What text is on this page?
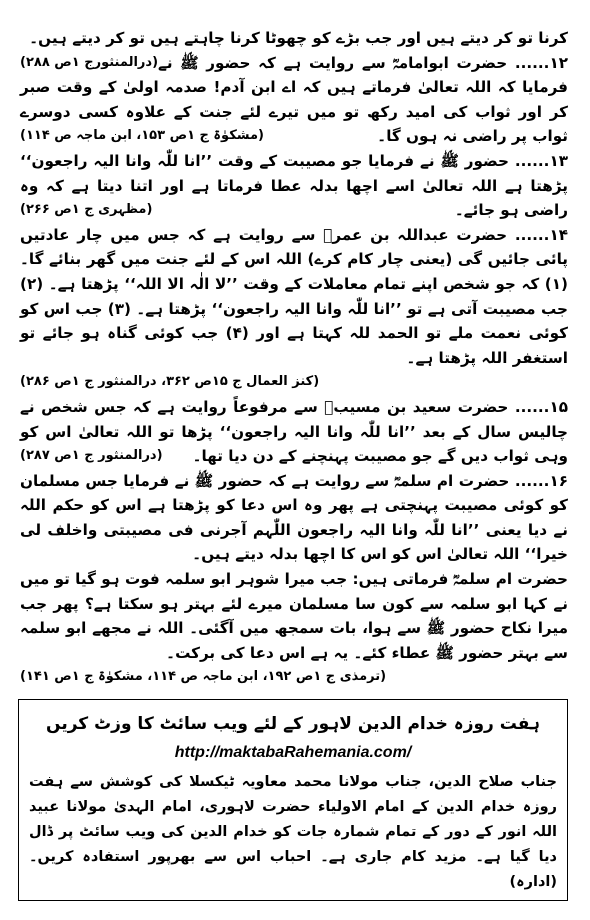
کرنا تو کر دیتے ہیں اور جب بڑے کو چھوٹا کرنا چاہتے ہیں تو کر دیتے ہیں۔
(درالمنثورج ۱ص ۲۸۸) ۱۲...... حضرت ابوامامہؓ سے روایت ہے کہ حضور ﷺ نے فرمایا کہ اللہ تعالیٰ فرماتے ہیں کہ اے ابن آدم! صدمہ اولیٰ کے وقت صبر کر اور ثواب کی امید رکھ تو میں تیرے لئے جنت کے علاوہ کسی دوسرے ثواب پر راضی نہ ہوں گا۔
(مشکوٰۃ ج ۱ص ۱۵۳، ابن ماجہ ص ۱۱۴)

۱۳...... حضور ﷺ نے فرمایا جو مصیبت کے وقت ’’انا للّٰہ وانا الیہ راجعون‘‘ پڑھتا ہے اللہ تعالیٰ اسے اچھا بدلہ عطا فرماتا ہے اور اتنا دیتا ہے کہ وہ راضی ہو جائے۔
(مظہری ج ۱ص ۲۶۶)

۱۴...... حضرت عبداللہ بن عمرؓ سے روایت ہے کہ جس میں چار عادتیں پائی جائیں گی (یعنی چار کام کرے) اللہ اس کے لئے جنت میں گھر بنائے گا۔ (۱) کہ جو شخص اپنے تمام معاملات کے وقت ’’لا الٰہ الا اللہ‘‘ پڑھتا ہے۔ (۲) جب مصیبت آتی ہے تو ’’انا للّٰہ وانا الیہ راجعون‘‘ پڑھتا ہے۔ (۳) جب اس کو کوئی نعمت ملے تو الحمد للہ کہتا ہے اور (۴) جب کوئی گناہ ہو جائے تو استغفر اللہ پڑھتا ہے۔
(کنز العمال ج ۱۵ص ۳۶۲، درالمنثور ج ۱ص ۲۸۶)

۱۵...... حضرت سعید بن مسیبؓ سے مرفوعاً روایت ہے کہ جس شخص نے چالیس سال کے بعد ’’انا للّٰہ وانا الیہ راجعون‘‘ پڑھا تو اللہ تعالیٰ اس کو وہی ثواب دیں گے جو مصیبت پہنچنے کے دن دیا تھا۔
(درالمنثور ج ۱ص ۲۸۷)

۱۶...... حضرت ام سلمہؓ سے روایت ہے کہ حضور ﷺ نے فرمایا جس مسلمان کو کوئی مصیبت پہنچتی ہے پھر وہ اس دعا کو پڑھتا ہے اس کو حکم اللہ نے دیا یعنی ’’انا للّٰہ وانا الیہ راجعون اللّٰہم آجرنی فی مصیبتی واخلف لی خیرا‘‘ اللہ تعالیٰ اس کو اس کا اچھا بدلہ دیتے ہیں۔

حضرت ام سلمہؓ فرماتی ہیں: جب میرا شوہر ابو سلمہ فوت ہو گیا تو میں نے کہا ابو سلمہ سے کون سا مسلمان میرے لئے بہتر ہو سکتا ہے؟ پھر جب میرا نکاح حضور ﷺ سے ہوا، بات سمجھ میں آگئی۔ اللہ نے مجھے ابو سلمہ سے بہتر حضور ﷺ عطاء کئے۔ یہ ہے اس دعا کی برکت۔
(ترمذی ج ۱ص ۱۹۲، ابن ماجہ ص ۱۱۴، مشکوٰۃ ج ۱ص ۱۴۱)

ہفت روزہ خدام الدین لاہور کے لئے ویب سائٹ کا وزٹ کریں
http://maktabaRahemania.com/
جناب صلاح الدین، جناب مولانا محمد معاویہ ٹیکسلا کی کوشش سے ہفت روزہ خدام الدین کے امام الاولیاء حضرت لاہوری، امام الہدیٰ مولانا عبید اللہ انور کے دور کے تمام شمارہ جات کو خدام الدین کی ویب سائٹ پر ڈال دیا گیا ہے۔ مزید کام جاری ہے۔ احباب اس سے بھرپور استفادہ کریں۔ (ادارہ)
